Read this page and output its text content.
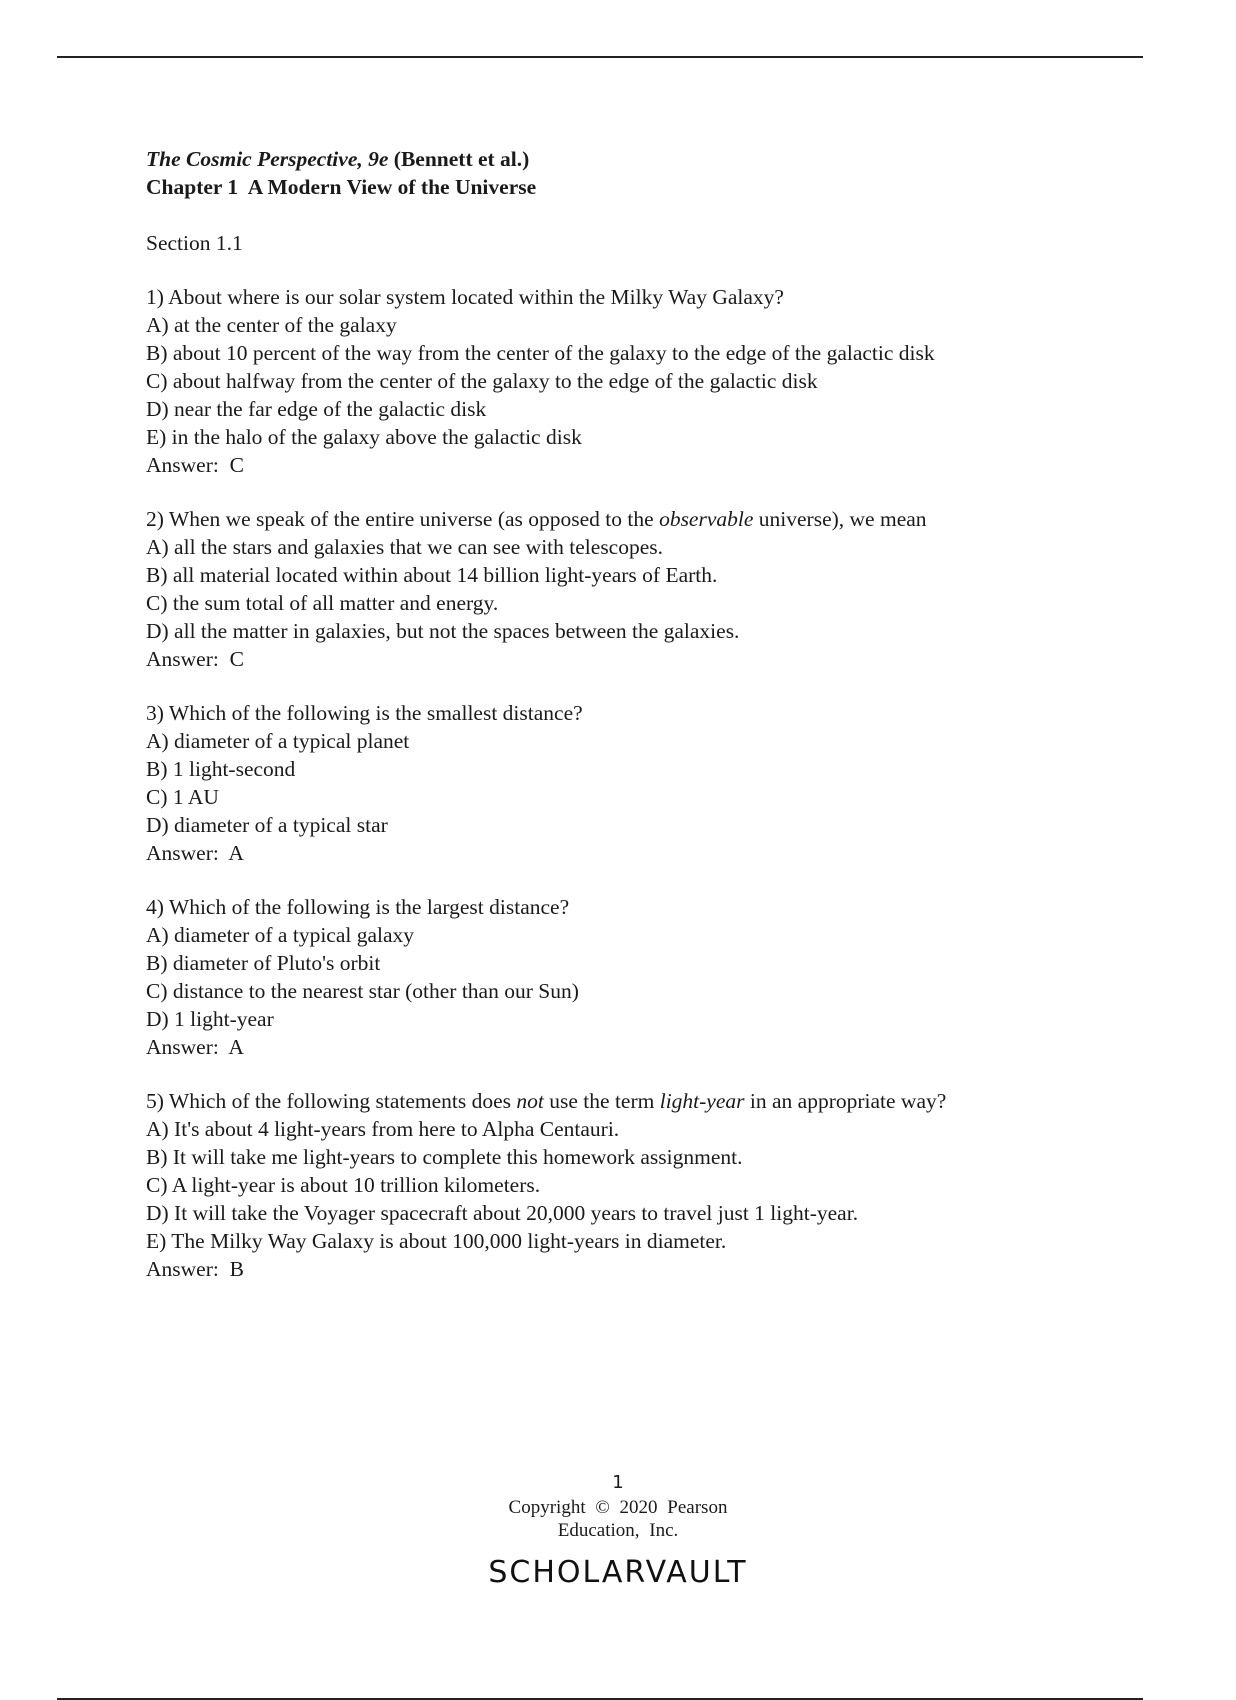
The Cosmic Perspective, 9e (Bennett et al.)
Chapter 1  A Modern View of the Universe
Section 1.1
1) About where is our solar system located within the Milky Way Galaxy?
A) at the center of the galaxy
B) about 10 percent of the way from the center of the galaxy to the edge of the galactic disk
C) about halfway from the center of the galaxy to the edge of the galactic disk
D) near the far edge of the galactic disk
E) in the halo of the galaxy above the galactic disk
Answer:  C
2) When we speak of the entire universe (as opposed to the observable universe), we mean
A) all the stars and galaxies that we can see with telescopes.
B) all material located within about 14 billion light-years of Earth.
C) the sum total of all matter and energy.
D) all the matter in galaxies, but not the spaces between the galaxies.
Answer:  C
3) Which of the following is the smallest distance?
A) diameter of a typical planet
B) 1 light-second
C) 1 AU
D) diameter of a typical star
Answer:  A
4) Which of the following is the largest distance?
A) diameter of a typical galaxy
B) diameter of Pluto's orbit
C) distance to the nearest star (other than our Sun)
D) 1 light-year
Answer:  A
5) Which of the following statements does not use the term light-year in an appropriate way?
A) It's about 4 light-years from here to Alpha Centauri.
B) It will take me light-years to complete this homework assignment.
C) A light-year is about 10 trillion kilometers.
D) It will take the Voyager spacecraft about 20,000 years to travel just 1 light-year.
E) The Milky Way Galaxy is about 100,000 light-years in diameter.
Answer:  B
1
Copyright © 2020 Pearson
Education, Inc.
SCHOLARVAULT
